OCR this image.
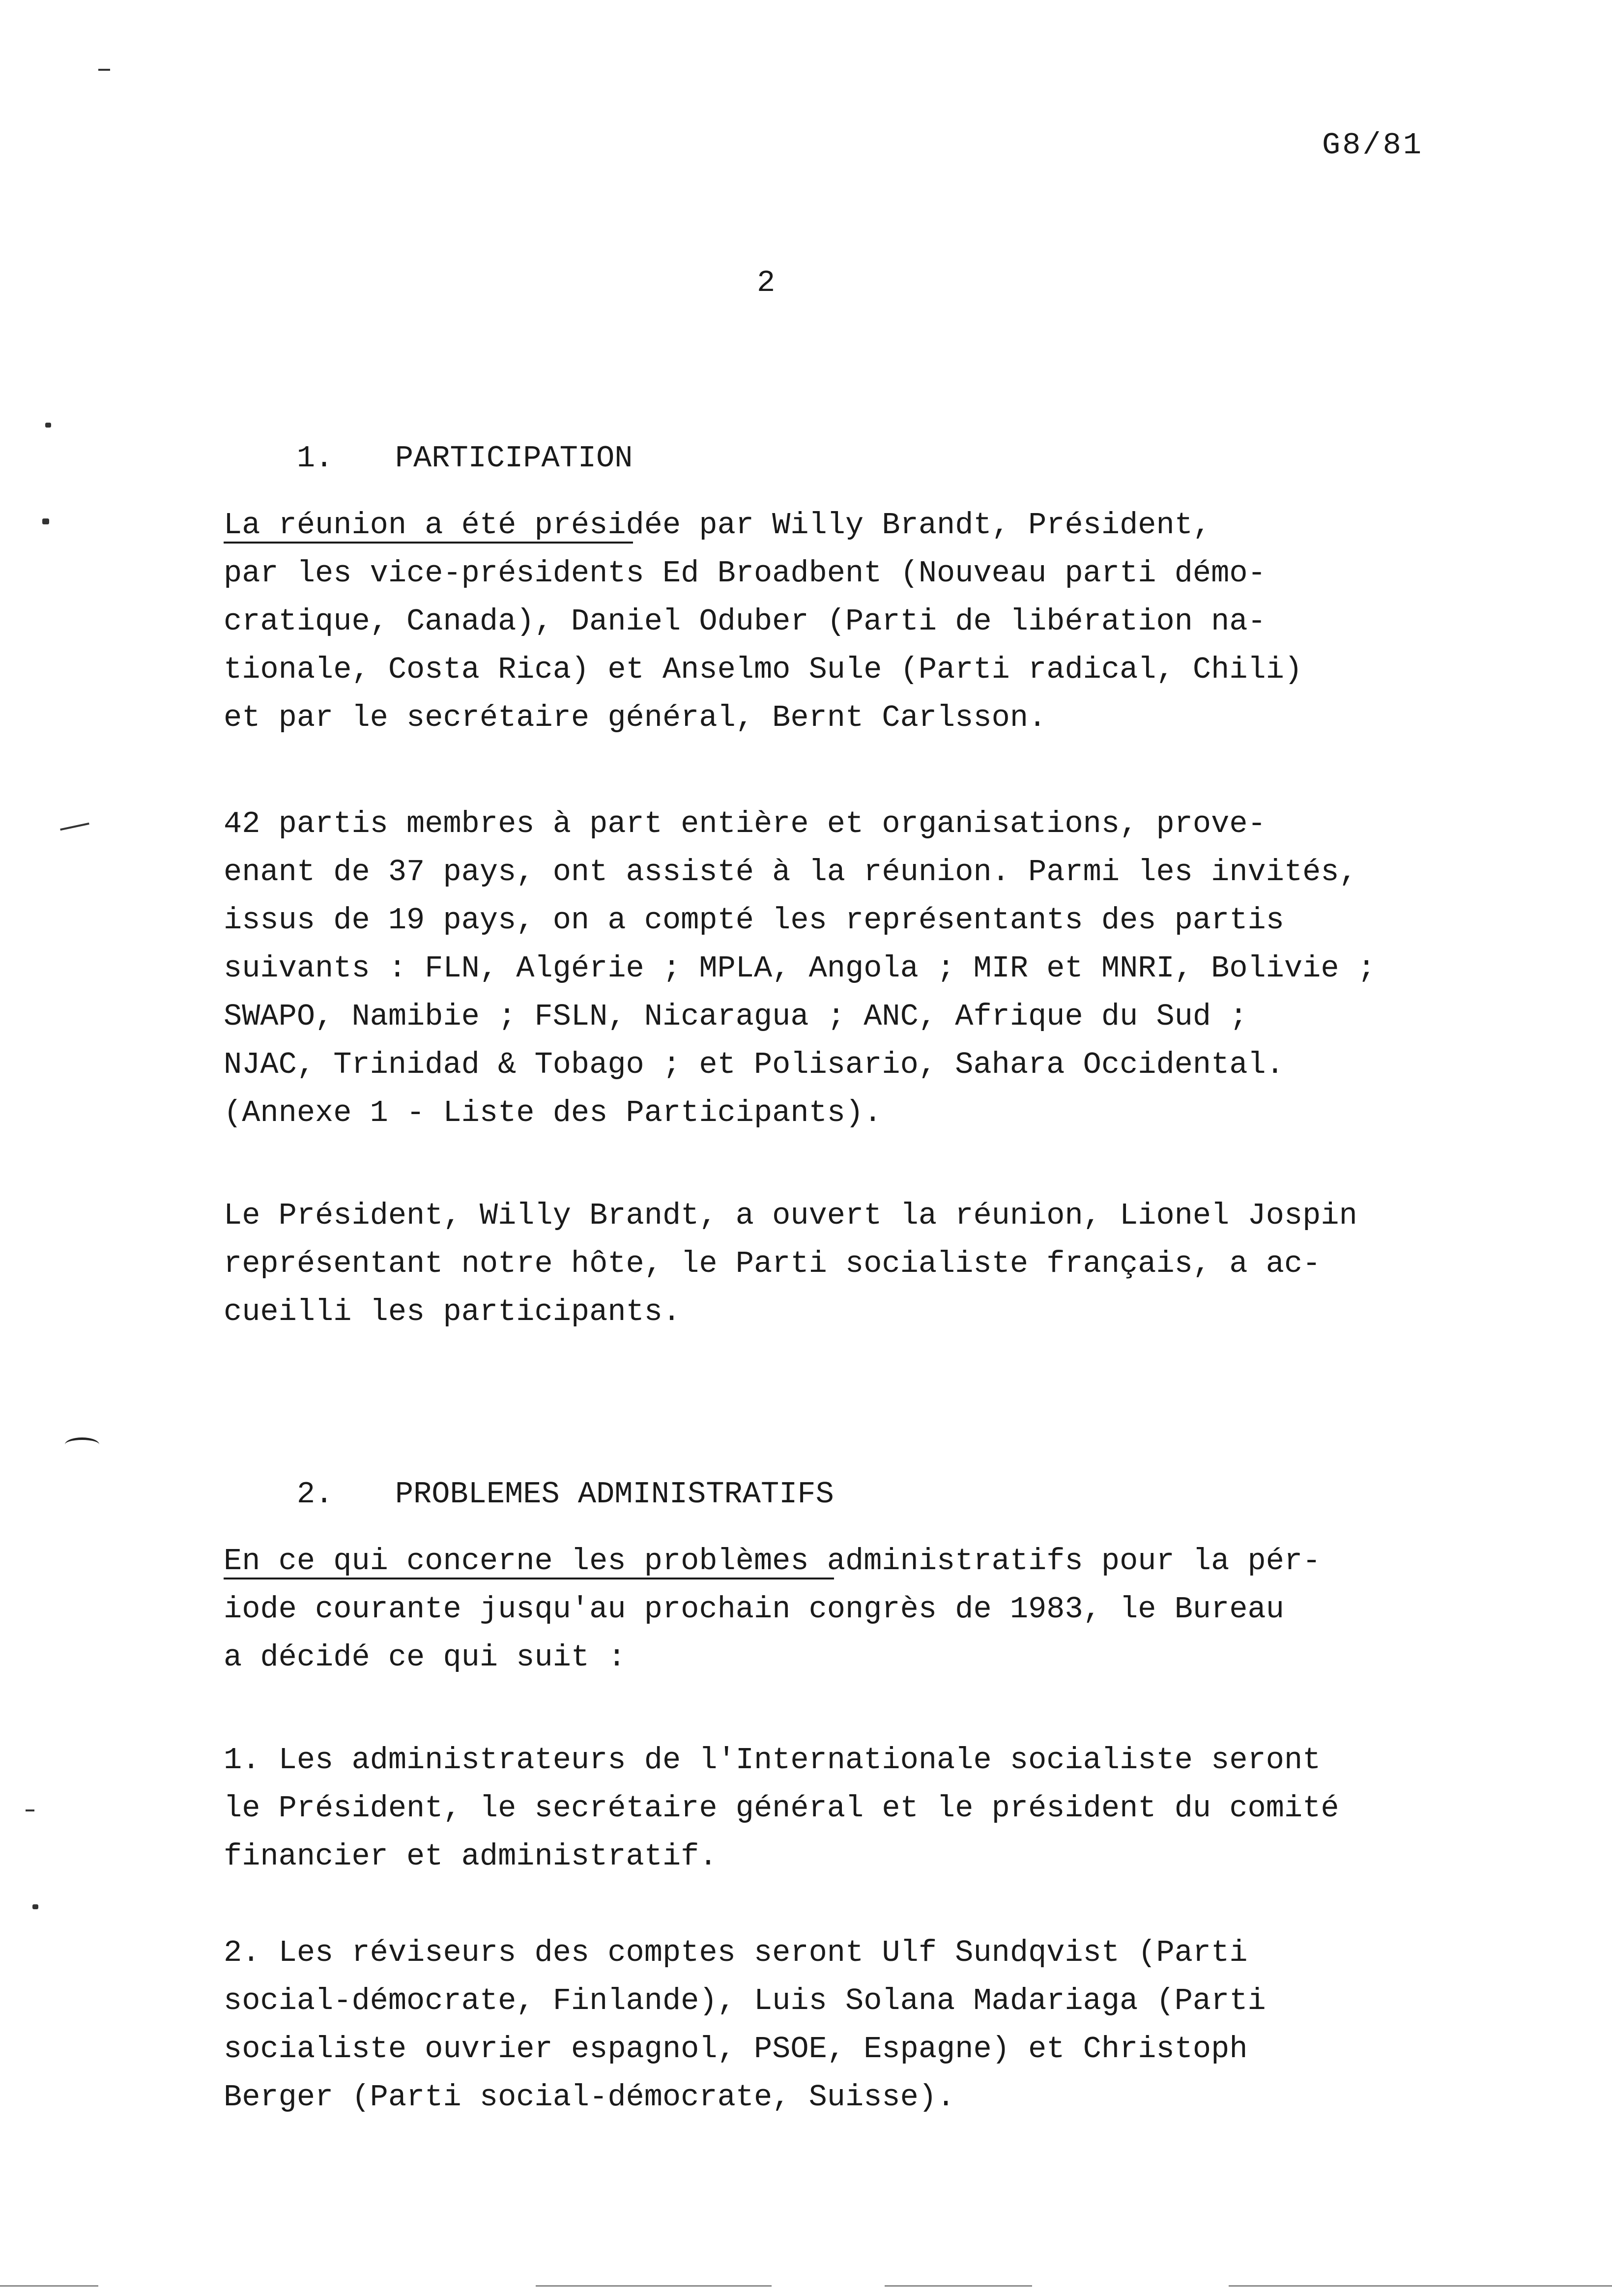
G8/81
2

1. PARTICIPATION

La réunion a été présidée par Willy Brandt, Président,
par les vice-présidents Ed Broadbent (Nouveau parti démo-
cratique, Canada), Daniel Oduber (Parti de libération na-
tionale, Costa Rica) et Anselmo Sule (Parti radical, Chili)
et par le secrétaire général, Bernt Carlsson.
42 partis membres à part entière et organisations, prove-
enant de 37 pays, ont assisté à la réunion. Parmi les invités,
issus de 19 pays, on a compté les représentants des partis
suivants : FLN, Algérie ; MPLA, Angola ; MIR et MNRI, Bolivie ;
SWAPO, Namibie ; FSLN, Nicaragua ; ANC, Afrique du Sud ;
NJAC, Trinidad & Tobago ; et Polisario, Sahara Occidental.
(Annexe 1 - Liste des Participants).
Le Président, Willy Brandt, a ouvert la réunion, Lionel Jospin
représentant notre hôte, le Parti socialiste français, a ac-
cueilli les participants.

2. PROBLEMES ADMINISTRATIFS

En ce qui concerne les problèmes administratifs pour la pér-
iode courante jusqu'au prochain congrès de 1983, le Bureau
a décidé ce qui suit :
1. Les administrateurs de l'Internationale socialiste seront
le Président, le secrétaire général et le président du comité
financier et administratif.
2. Les réviseurs des comptes seront Ulf Sundqvist (Parti
social-démocrate, Finlande), Luis Solana Madariaga (Parti
socialiste ouvrier espagnol, PSOE, Espagne) et Christoph
Berger (Parti social-démocrate, Suisse).
